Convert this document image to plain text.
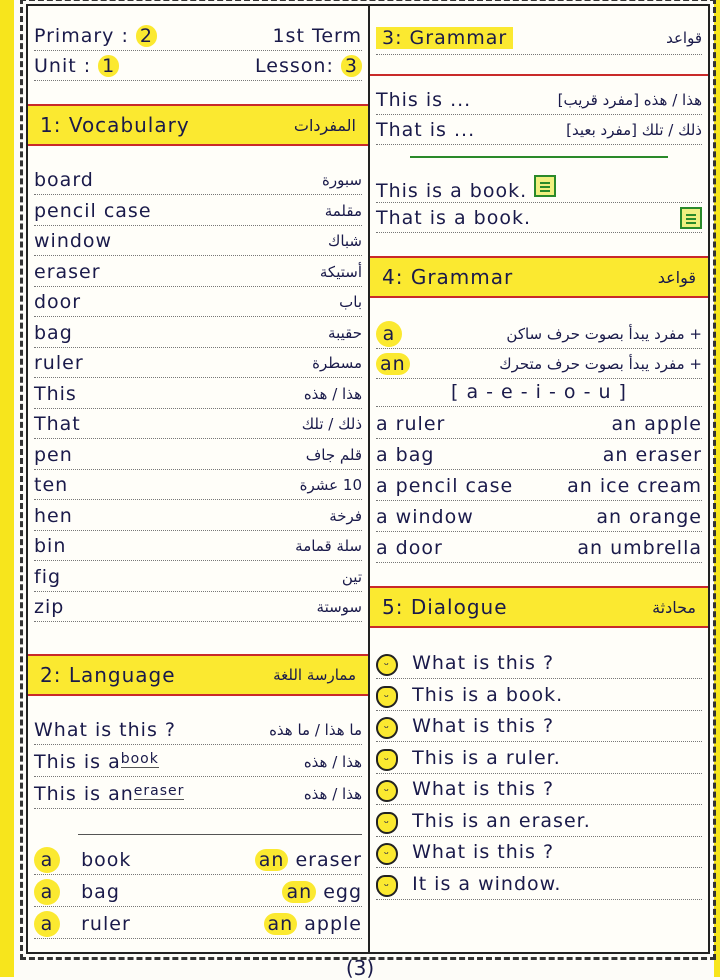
Primary : 2	1st Term
Unit : 1	Lesson: 3
1: Vocabulary	المفردات
board	سبورة
pencil case	مقلمة
window	شباك
eraser	أستيكة
door	باب
bag	حقيبة
ruler	مسطرة
This	هذا / هذه
That	ذلك / تلك
pen	قلم جاف
ten	10 عشرة
hen	فرخة
bin	سلة قمامة
fig	تين
zip	سوستة
2: Language	ممارسة اللغة
What is this ?	ما هذا / ما هذه
This is $a^{book}$	هذا / هذه
This is $an^{eraser}$	هذا / هذه
a book	an eraser
a bag	an egg
a ruler	an apple
3: Grammar	قواعد
This is ...	هذا / هذه [مفرد قريب]
That is ...	ذلك / تلك [مفرد بعيد]
This is a book.
That is a book.
4: Grammar	قواعد
a	+ مفرد يبدأ بصوت حرف ساكن
an	+ مفرد يبدأ بصوت حرف متحرك
[ a - e - i - o - u ]
a ruler	an apple
a bag	an eraser
a pencil case	an ice cream
a window	an orange
a door	an umbrella
5: Dialogue	محادثة
ᵕ What is this ?
ᵕ This is a book.
ᵕ What is this ?
ᵕ This is a ruler.
ᵕ What is this ?
ᵕ This is an eraser.
ᵕ What is this ?
ᵕ It is a window.
(3)
